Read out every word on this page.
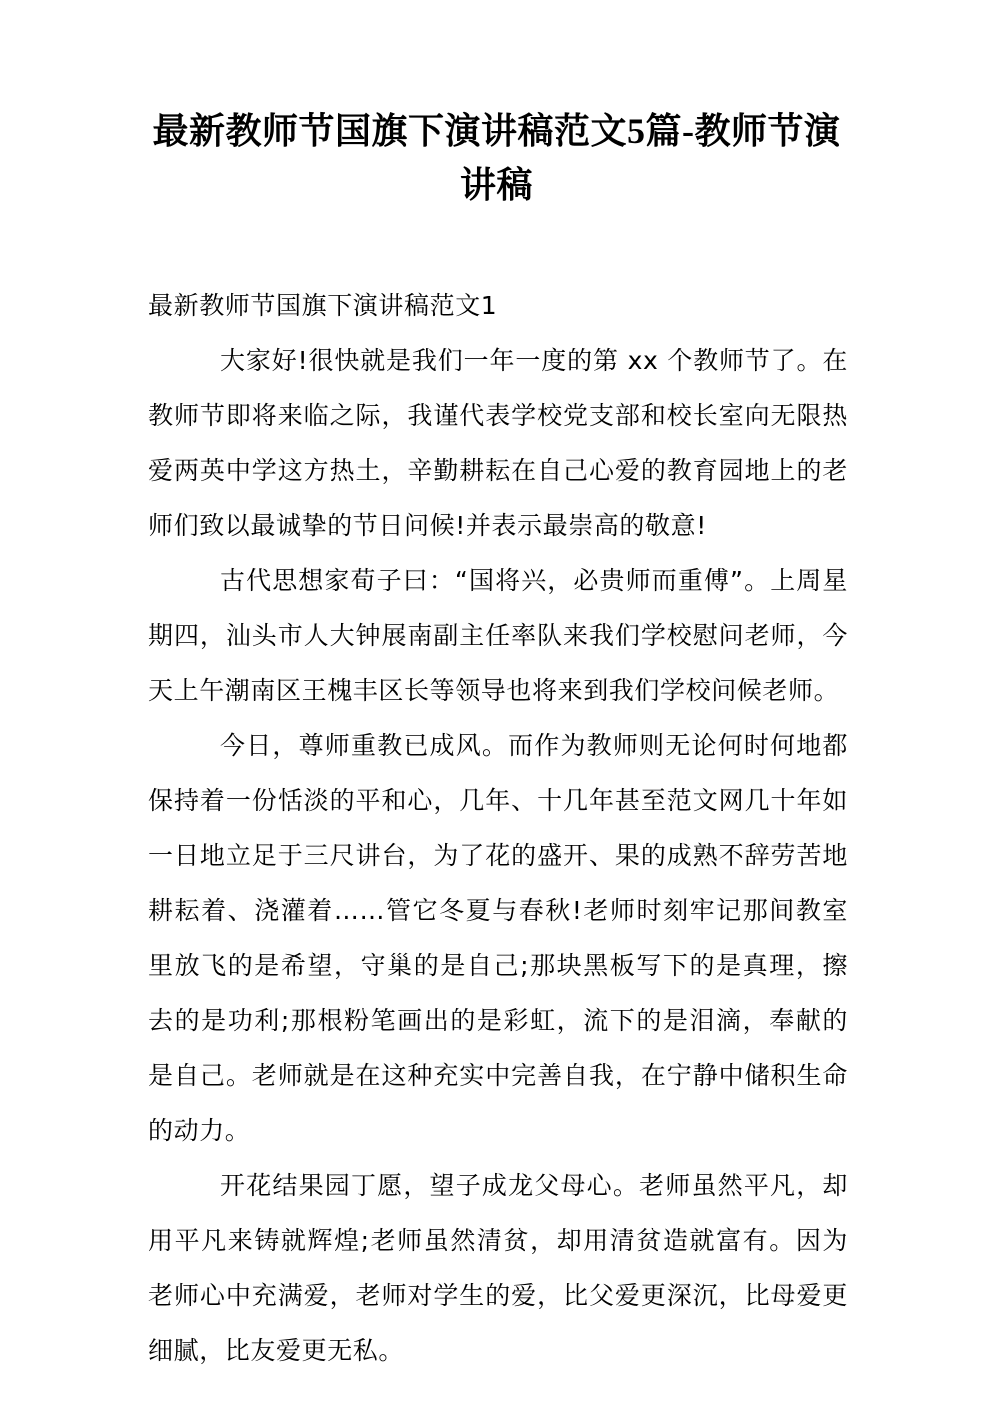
最新教师节国旗下演讲稿范文5篇-教师节演讲稿

最新教师节国旗下演讲稿范文1

大家好!很快就是我们一年一度的第 xx 个教师节了。在教师节即将来临之际，我谨代表学校党支部和校长室向无限热爱两英中学这方热土，辛勤耕耘在自己心爱的教育园地上的老师们致以最诚挚的节日问候!并表示最崇高的敬意!

古代思想家荀子曰：“国将兴，必贵师而重傅”。上周星期四，汕头市人大钟展南副主任率队来我们学校慰问老师，今天上午潮南区王槐丰区长等领导也将来到我们学校问候老师。

今日，尊师重教已成风。而作为教师则无论何时何地都保持着一份恬淡的平和心，几年、十几年甚至范文网几十年如一日地立足于三尺讲台，为了花的盛开、果的成熟不辞劳苦地耕耘着、浇灌着……管它冬夏与春秋!老师时刻牢记那间教室里放飞的是希望，守巢的是自己;那块黑板写下的是真理，擦去的是功利;那根粉笔画出的是彩虹，流下的是泪滴，奉献的是自己。老师就是在这种充实中完善自我，在宁静中储积生命的动力。

开花结果园丁愿，望子成龙父母心。老师虽然平凡，却用平凡来铸就辉煌;老师虽然清贫，却用清贫造就富有。因为老师心中充满爱，老师对学生的爱，比父爱更深沉，比母爱更细腻，比友爱更无私。
